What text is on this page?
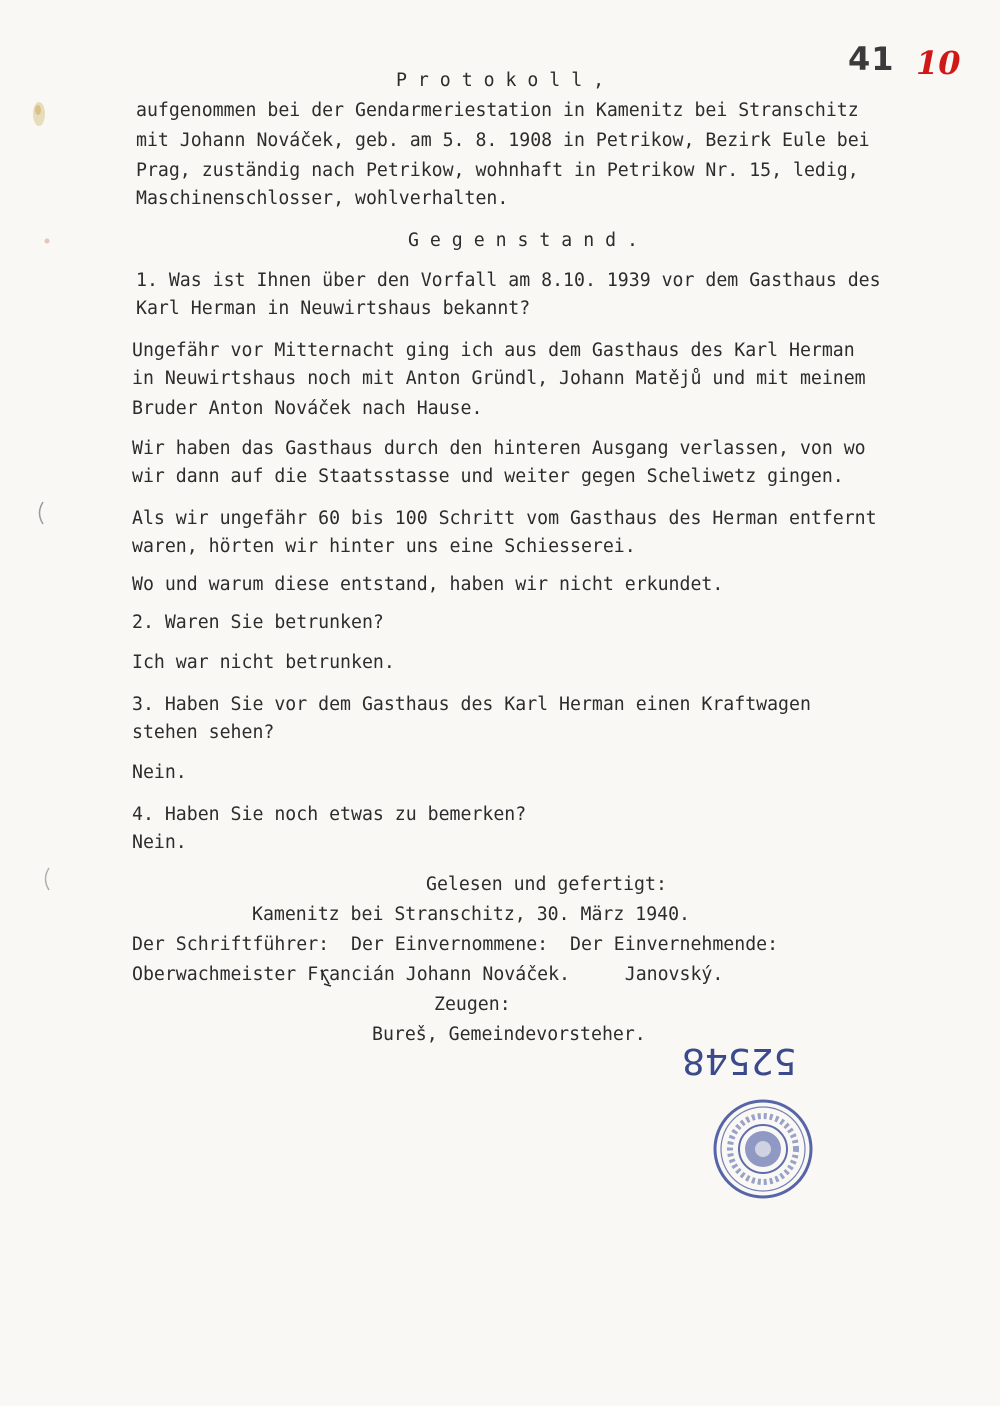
41 10
P r o t o k o l l ,
aufgenommen bei der Gendarmeriestation in Kamenitz bei Stranschitz
mit Johann Nováček, geb. am 5. 8. 1908 in Petrikow, Bezirk Eule bei
Prag, zuständig nach Petrikow, wohnhaft in Petrikow Nr. 15, ledig,
Maschinenschlosser, wohlverhalten.
G e g e n s t a n d .
1. Was ist Ihnen über den Vorfall am 8.10. 1939 vor dem Gasthaus des
Karl Herman in Neuwirtshaus bekannt?
Ungefähr vor Mitternacht ging ich aus dem Gasthaus des Karl Herman
in Neuwirtshaus noch mit Anton Gründl, Johann Matějů und mit meinem
Bruder Anton Nováček nach Hause.
Wir haben das Gasthaus durch den hinteren Ausgang verlassen, von wo
wir dann auf die Staatsstasse und weiter gegen Scheliwetz gingen.
Als wir ungefähr 60 bis 100 Schritt vom Gasthaus des Herman entfernt
waren, hörten wir hinter uns eine Schiesserei.
Wo und warum diese entstand, haben wir nicht erkundet.
2. Waren Sie betrunken?
Ich war nicht betrunken.
3. Haben Sie vor dem Gasthaus des Karl Herman einen Kraftwagen
stehen sehen?
Nein.
4. Haben Sie noch etwas zu bemerken?
Nein.
Gelesen und gefertigt:
Kamenitz bei Stranschitz, 30. März 1940.
Der Schriftführer:  Der Einvernommene:  Der Einvernehmende:
Oberwachmeister Francián Johann Nováček.     Janovský.
Zeugen:
Bureš, Gemeindevorsteher.
52548
